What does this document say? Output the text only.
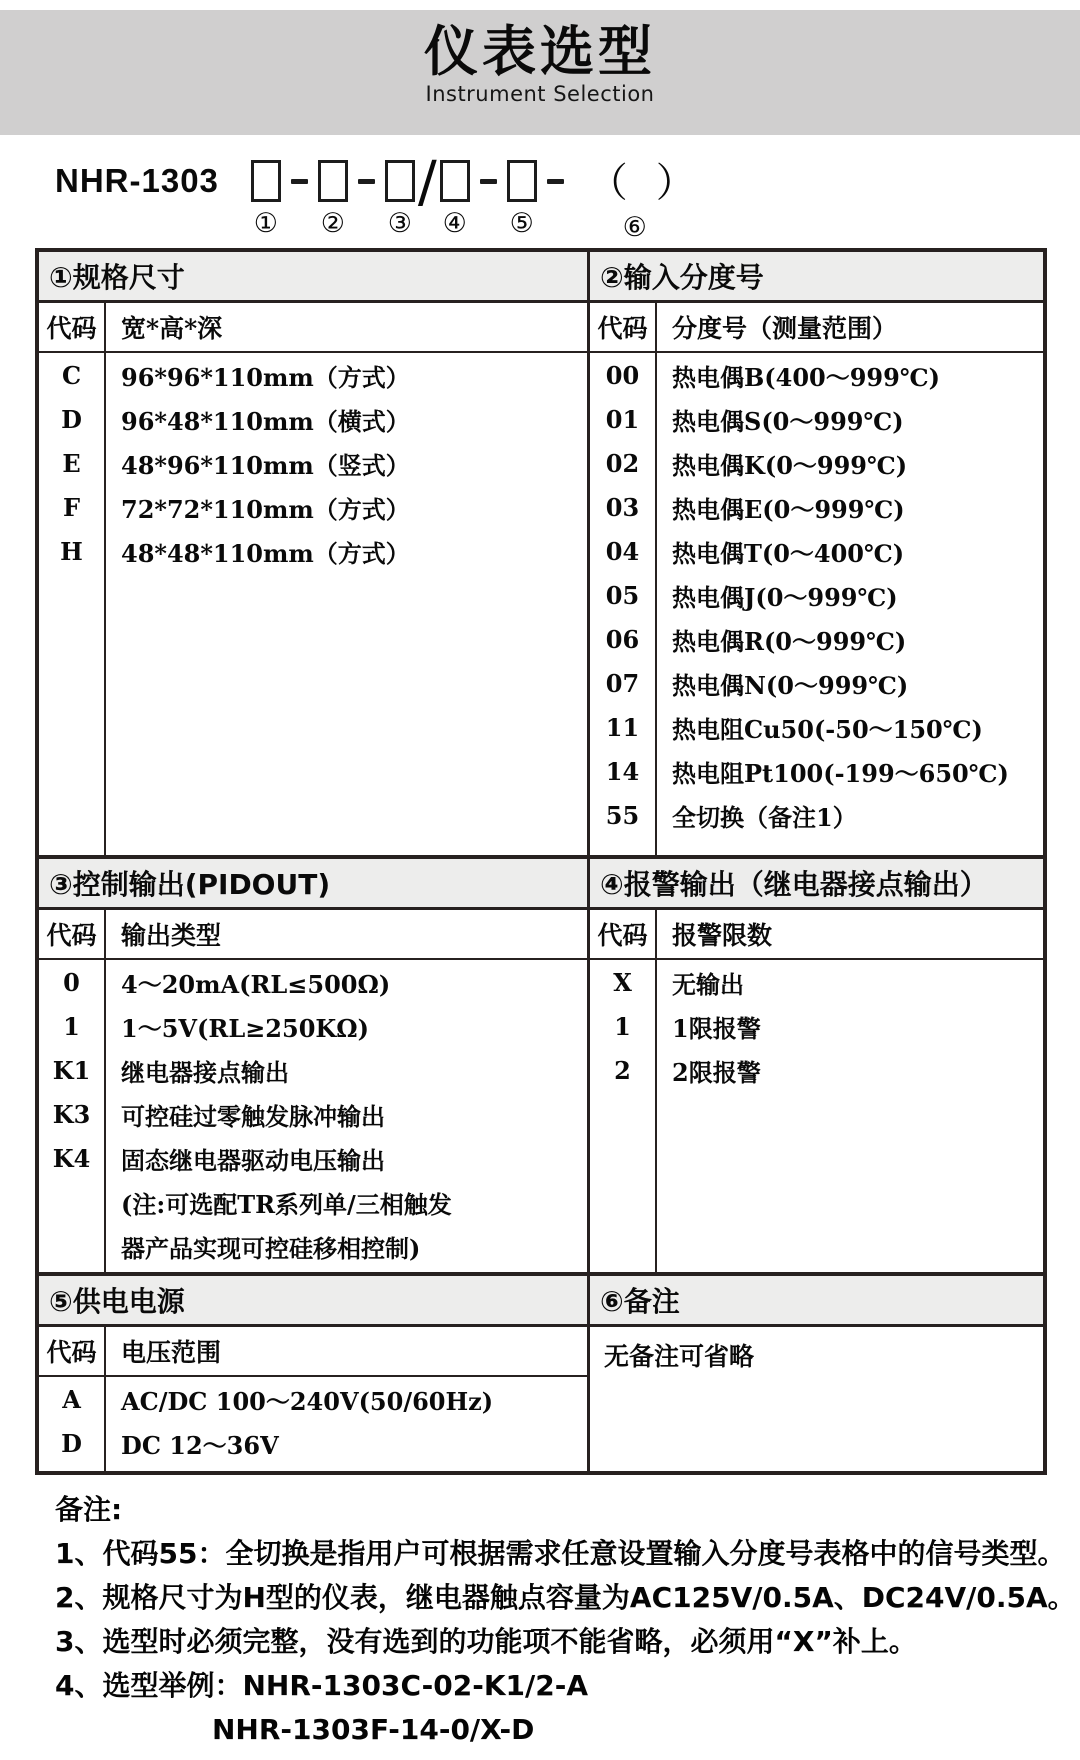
仪表选型
Instrument Selection
NHR-1303
① ② ③
/
④ ⑤
（ ）
⑥
①规格尺寸
代码 宽*高*深
C
D
E
F
H
96*96*110mm（方式）
96*48*110mm（横式）
48*96*110mm（竖式）
72*72*110mm（方式）
48*48*110mm（方式）
②输入分度号
代码 分度号（测量范围）
00
01
02
03
04
05
06
07
11
14
55
热电偶B(400～999℃)
热电偶S(0～999℃)
热电偶K(0～999℃)
热电偶E(0～999℃)
热电偶T(0～400℃)
热电偶J(0～999℃)
热电偶R(0～999℃)
热电偶N(0～999℃)
热电阻Cu50(-50～150℃)
热电阻Pt100(-199～650℃)
全切换（备注1）
③控制输出(PIDOUT)
代码 输出类型
0
1
K1
K3
K4
4～20mA(RL≤500Ω)
1～5V(RL≥250KΩ)
继电器接点输出
可控硅过零触发脉冲输出
固态继电器驱动电压输出
(注:可选配TR系列单/三相触发
器产品实现可控硅移相控制)
④报警输出（继电器接点输出）
代码 报警限数
X
1
2
无输出
1限报警
2限报警
⑤供电电源
代码 电压范围
A
D
AC/DC 100～240V(50/60Hz)
DC 12～36V
⑥备注
无备注可省略
备注:
1、代码55：全切换是指用户可根据需求任意设置输入分度号表格中的信号类型。
2、规格尺寸为H型的仪表，继电器触点容量为AC125V/0.5A、DC24V/0.5A。
3、选型时必须完整，没有选到的功能项不能省略，必须用“X”补上。
4、选型举例：NHR-1303C-02-K1/2-A
NHR-1303F-14-0/X-D
